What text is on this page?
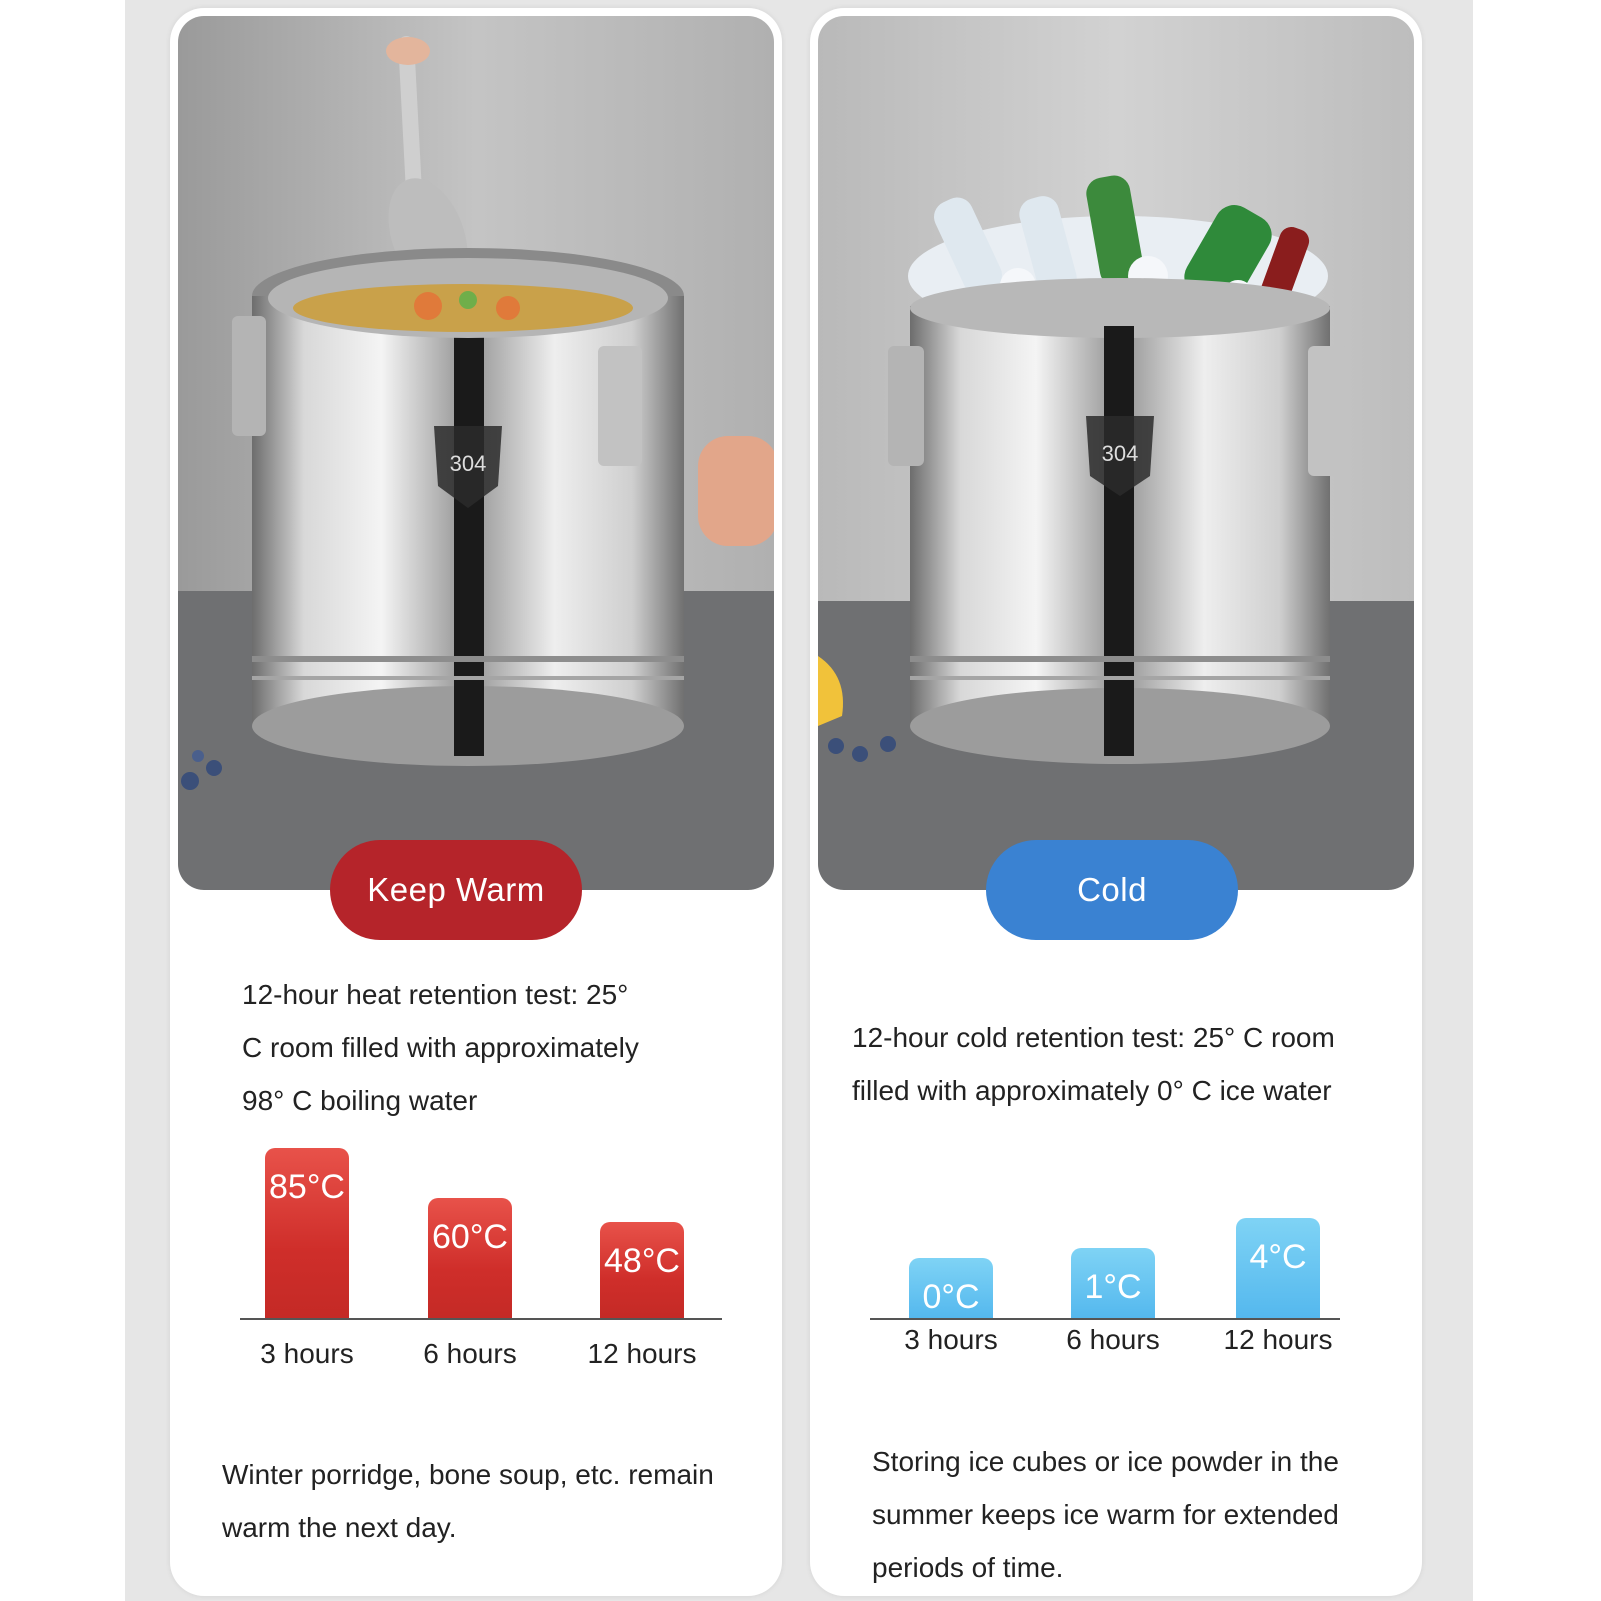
304
Keep Warm
12-hour heat retention test: 25°
C room filled with approximately
98° C boiling water
85°C
3 hours
60°C
6 hours
48°C
12 hours
Winter porridge, bone soup, etc. remain
warm the next day.
304
Cold
12-hour cold retention test: 25° C room
filled with approximately 0° C ice water
0°C
3 hours
1°C
6 hours
4°C
12 hours
Storing ice cubes or ice powder in the
summer keeps ice warm for extended
periods of time.
